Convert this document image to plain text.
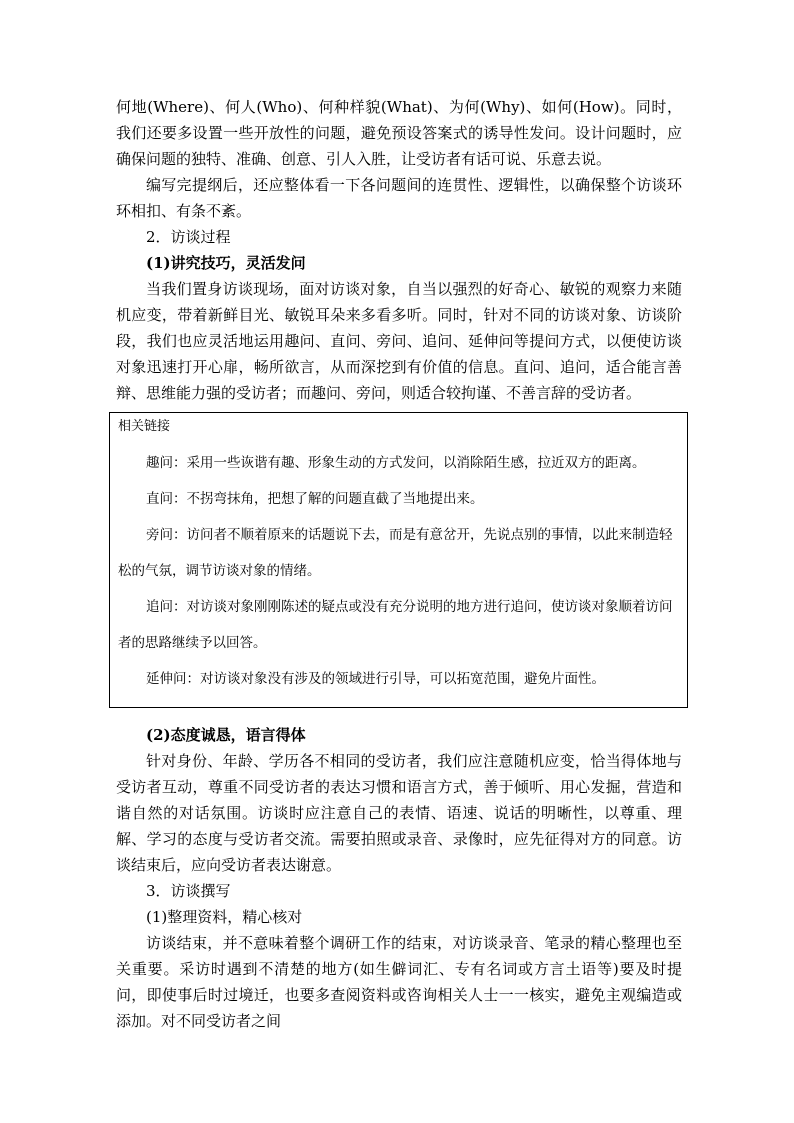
何地(Where)、何人(Who)、何种样貌(What)、为何(Why)、如何(How)。同时，我们还要多设置一些开放性的问题，避免预设答案式的诱导性发问。设计问题时，应确保问题的独特、准确、创意、引人入胜，让受访者有话可说、乐意去说。

编写完提纲后，还应整体看一下各问题间的连贯性、逻辑性，以确保整个访谈环环相扣、有条不紊。

2．访谈过程

(1)讲究技巧，灵活发问

当我们置身访谈现场，面对访谈对象，自当以强烈的好奇心、敏锐的观察力来随机应变，带着新鲜目光、敏锐耳朵来多看多听。同时，针对不同的访谈对象、访谈阶段，我们也应灵活地运用趣问、直问、旁问、追问、延伸问等提问方式，以便使访谈对象迅速打开心扉，畅所欲言，从而深挖到有价值的信息。直问、追问，适合能言善辩、思维能力强的受访者；而趣问、旁问，则适合较拘谨、不善言辞的受访者。

相关链接

趣问：采用一些诙谐有趣、形象生动的方式发问，以消除陌生感，拉近双方的距离。

直问：不拐弯抹角，把想了解的问题直截了当地提出来。

旁问：访问者不顺着原来的话题说下去，而是有意岔开，先说点别的事情，以此来制造轻松的气氛，调节访谈对象的情绪。

追问：对访谈对象刚刚陈述的疑点或没有充分说明的地方进行追问，使访谈对象顺着访问者的思路继续予以回答。

延伸问：对访谈对象没有涉及的领域进行引导，可以拓宽范围，避免片面性。

(2)态度诚恳，语言得体

针对身份、年龄、学历各不相同的受访者，我们应注意随机应变，恰当得体地与受访者互动，尊重不同受访者的表达习惯和语言方式，善于倾听、用心发掘，营造和谐自然的对话氛围。访谈时应注意自己的表情、语速、说话的明晰性，以尊重、理解、学习的态度与受访者交流。需要拍照或录音、录像时，应先征得对方的同意。访谈结束后，应向受访者表达谢意。

3．访谈撰写

(1)整理资料，精心核对

访谈结束，并不意味着整个调研工作的结束，对访谈录音、笔录的精心整理也至关重要。采访时遇到不清楚的地方(如生僻词汇、专有名词或方言土语等)要及时提问，即使事后时过境迁，也要多查阅资料或咨询相关人士一一核实，避免主观编造或添加。对不同受访者之间
